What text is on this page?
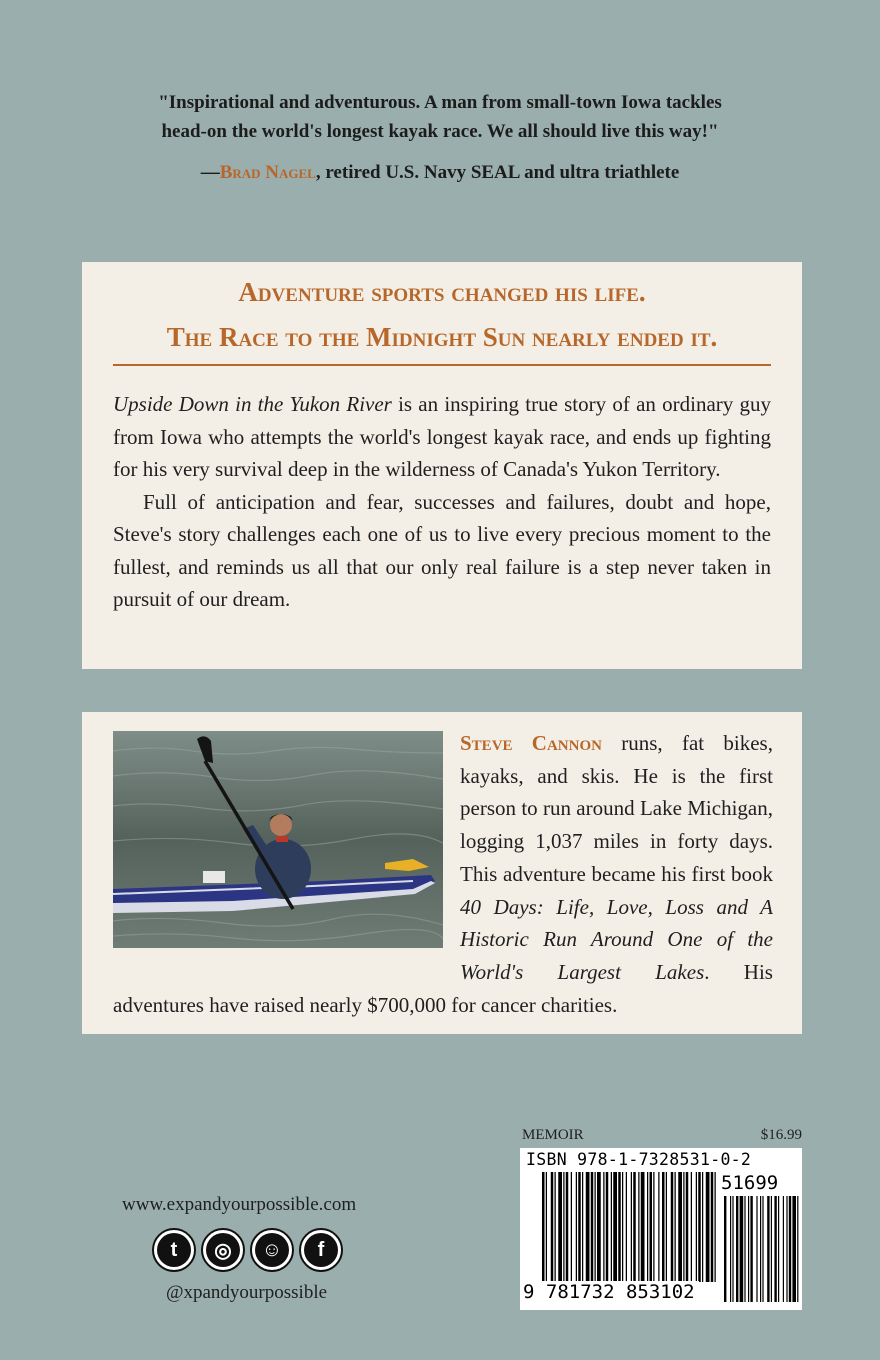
"Inspirational and adventurous. A man from small-town Iowa tackles
head-on the world's longest kayak race. We all should live this way!"
—Brad Nagel, retired U.S. Navy SEAL and ultra triathlete
Adventure sports changed his life.
The Race to the Midnight Sun nearly ended it.

Upside Down in the Yukon River is an inspiring true story of an ordinary guy from Iowa who attempts the world's longest kayak race, and ends up fighting for his very survival deep in the wilderness of Canada's Yukon Territory.

Full of anticipation and fear, successes and failures, doubt and hope, Steve's story challenges each one of us to live every precious moment to the fullest, and reminds us all that our only real failure is a step never taken in pursuit of our dream.

Steve Cannon runs, fat bikes, kayaks, and skis. He is the first person to run around Lake Michigan, logging 1,037 miles in forty days. This adventure became his first book 40 Days: Life, Love, Loss and A Historic Run Around One of the World's Largest Lakes. His adventures have raised nearly $700,000 for cancer charities.
www.expandyourpossible.com
t	◎	☺	f
@xpandyourpossible
MEMOIR	$16.99
ISBN 978-1-7328531-0-2
51699
9 781732 853102
